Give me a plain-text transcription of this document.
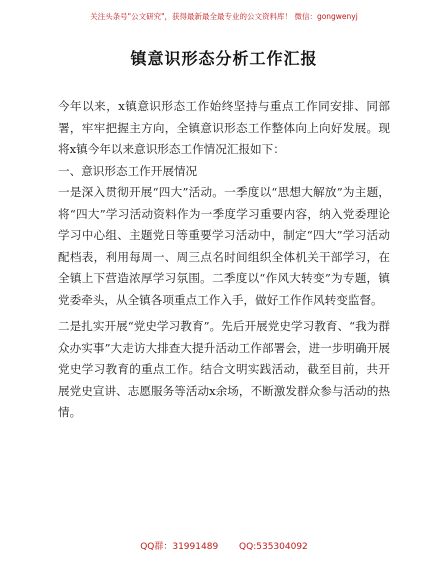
关注头条号"公文研究"，获得最新最全最专业的公文资料库！ 微信：gongwenyj
镇意识形态分析工作汇报

今年以来，x镇意识形态工作始终坚持与重点工作同安排、同部署，牢牢把握主方向，全镇意识形态工作整体向上向好发展。现将x镇今年以来意识形态工作情况汇报如下：

一、意识形态工作开展情况

一是深入贯彻开展“四大”活动。一季度以“思想大解放”为主题，将“四大”学习活动资料作为一季度学习重要内容，纳入党委理论学习中心组、主题党日等重要学习活动中，制定“四大”学习活动配档表，利用每周一、周三点名时间组织全体机关干部学习，在全镇上下营造浓厚学习氛围。二季度以“作风大转变”为专题，镇党委牵头，从全镇各项重点工作入手，做好工作作风转变监督。

二是扎实开展“党史学习教育”。先后开展党史学习教育、“我为群众办实事”大走访大排查大提升活动工作部署会，进一步明确开展党史学习教育的重点工作。结合文明实践活动，截至目前，共开展党史宣讲、志愿服务等活动x余场，不断激发群众参与活动的热情。

QQ群：31991489 QQ:535304092
